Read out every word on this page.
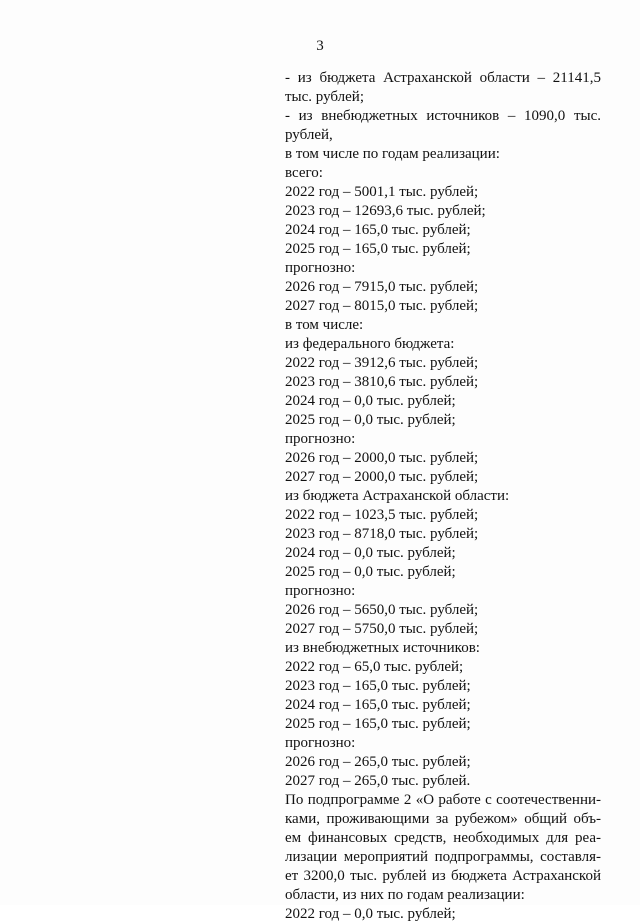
3
- из бюджета Астраханской области – 21141,5
тыс. рублей;
- из внебюджетных источников – 1090,0 тыс.
рублей,
в том числе по годам реализации:
всего:
2022 год – 5001,1 тыс. рублей;
2023 год – 12693,6 тыс. рублей;
2024 год – 165,0 тыс. рублей;
2025 год – 165,0 тыс. рублей;
прогнозно:
2026 год – 7915,0 тыс. рублей;
2027 год – 8015,0 тыс. рублей;
в том числе:
из федерального бюджета:
2022 год – 3912,6 тыс. рублей;
2023 год – 3810,6 тыс. рублей;
2024 год – 0,0 тыс. рублей;
2025 год – 0,0 тыс. рублей;
прогнозно:
2026 год – 2000,0 тыс. рублей;
2027 год – 2000,0 тыс. рублей;
из бюджета Астраханской области:
2022 год – 1023,5 тыс. рублей;
2023 год – 8718,0 тыс. рублей;
2024 год – 0,0 тыс. рублей;
2025 год – 0,0 тыс. рублей;
прогнозно:
2026 год – 5650,0 тыс. рублей;
2027 год – 5750,0 тыс. рублей;
из внебюджетных источников:
2022 год – 65,0 тыс. рублей;
2023 год – 165,0 тыс. рублей;
2024 год – 165,0 тыс. рублей;
2025 год – 165,0 тыс. рублей;
прогнозно:
2026 год – 265,0 тыс. рублей;
2027 год – 265,0 тыс. рублей.
По подпрограмме 2 «О работе с соотечественни-
ками, проживающими за рубежом» общий объ-
ем финансовых средств, необходимых для реа-
лизации мероприятий подпрограммы, составля-
ет 3200,0 тыс. рублей из бюджета Астраханской
области, из них по годам реализации:
2022 год – 0,0 тыс. рублей;
